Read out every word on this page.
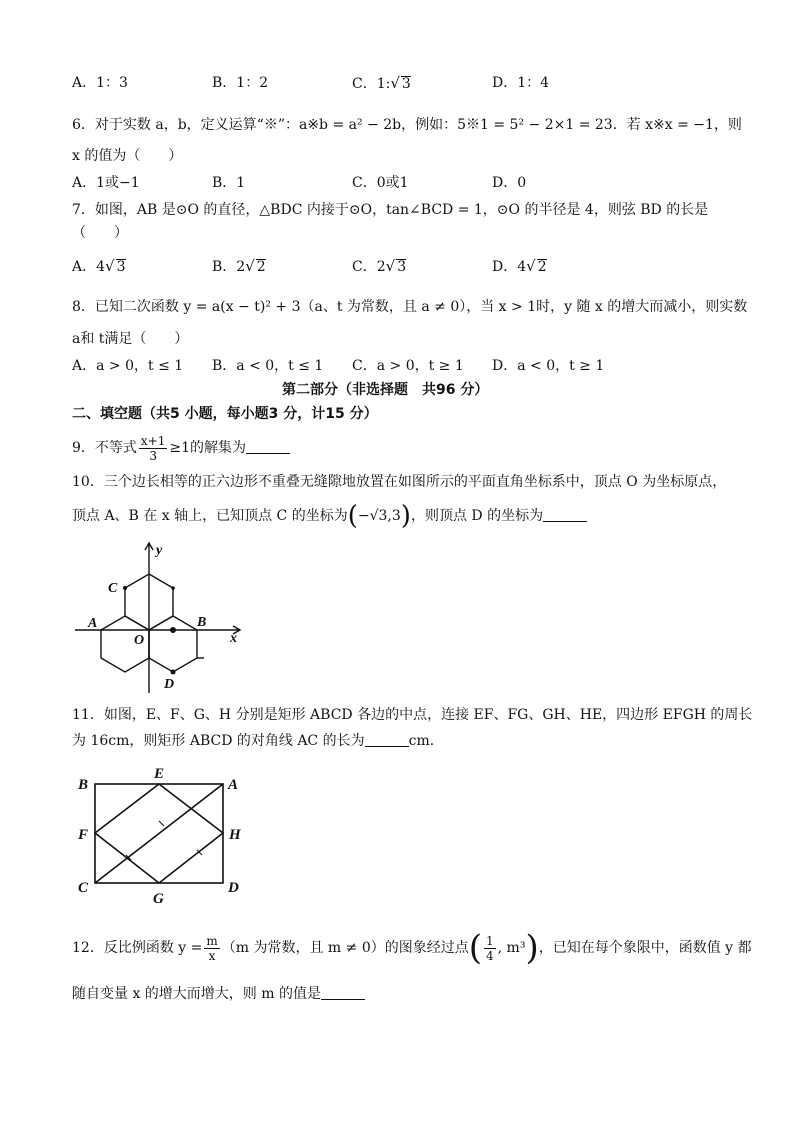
A．1：3	B．1：2	C．1:√ 3	D．1：4
6．对于实数 a，b，定义运算“※”：a※b = a² − 2b，例如：5※1 = 5² − 2×1 = 23．若 x※x = −1，则
x 的值为（　　）
A．1或−1	B．1	C．0或1	D．0
7．如图，AB 是⊙O 的直径，△BDC 内接于⊙O，tan∠BCD = 1，⊙O 的半径是 4，则弦 BD 的长是
（　　）
A．4√ 3	B．2√ 2	C．2√ 3	D．4√ 2
8．已知二次函数 y = a(x − t)² + 3（a、t 为常数，且 a ≠ 0），当 x > 1时，y 随 x 的增大而减小，则实数
a和 t满足（　　）
A．a > 0，t ≤ 1 B．a < 0，t ≤ 1 C．a > 0，t ≥ 1 D．a < 0，t ≥ 1
第二部分（非选择题　共96 分）
二、填空题（共5 小题，每小题3 分，计15 分）
9．不等式 $\frac{x+1}{3} \ge 1$的解集为
10．三个边长相等的正六边形不重叠无缝隙地放置在如图所示的平面直角坐标系中，顶点 O 为坐标原点，
顶点 A、B 在 x 轴上，已知顶点 C 的坐标为(−√3,3)，则顶点 D 的坐标为
y
x
C
A
O
B
D
11．如图，E、F、G、H 分别是矩形 ABCD 各边的中点，连接 EF、FG、GH、HE，四边形 EFGH 的周长
为 16cm，则矩形 ABCD 的对角线 AC 的长为	cm．
B
E
A
F	H
C
G
D
12．反比例函数 $y = \frac{m}{x} (m$ 为常数，且 m ≠ 0）的图象经过点( $\frac{1}{4}$ , m³)，已知在每个象限中，函数值 y 都
随自变量 x 的增大而增大，则 m 的值是
